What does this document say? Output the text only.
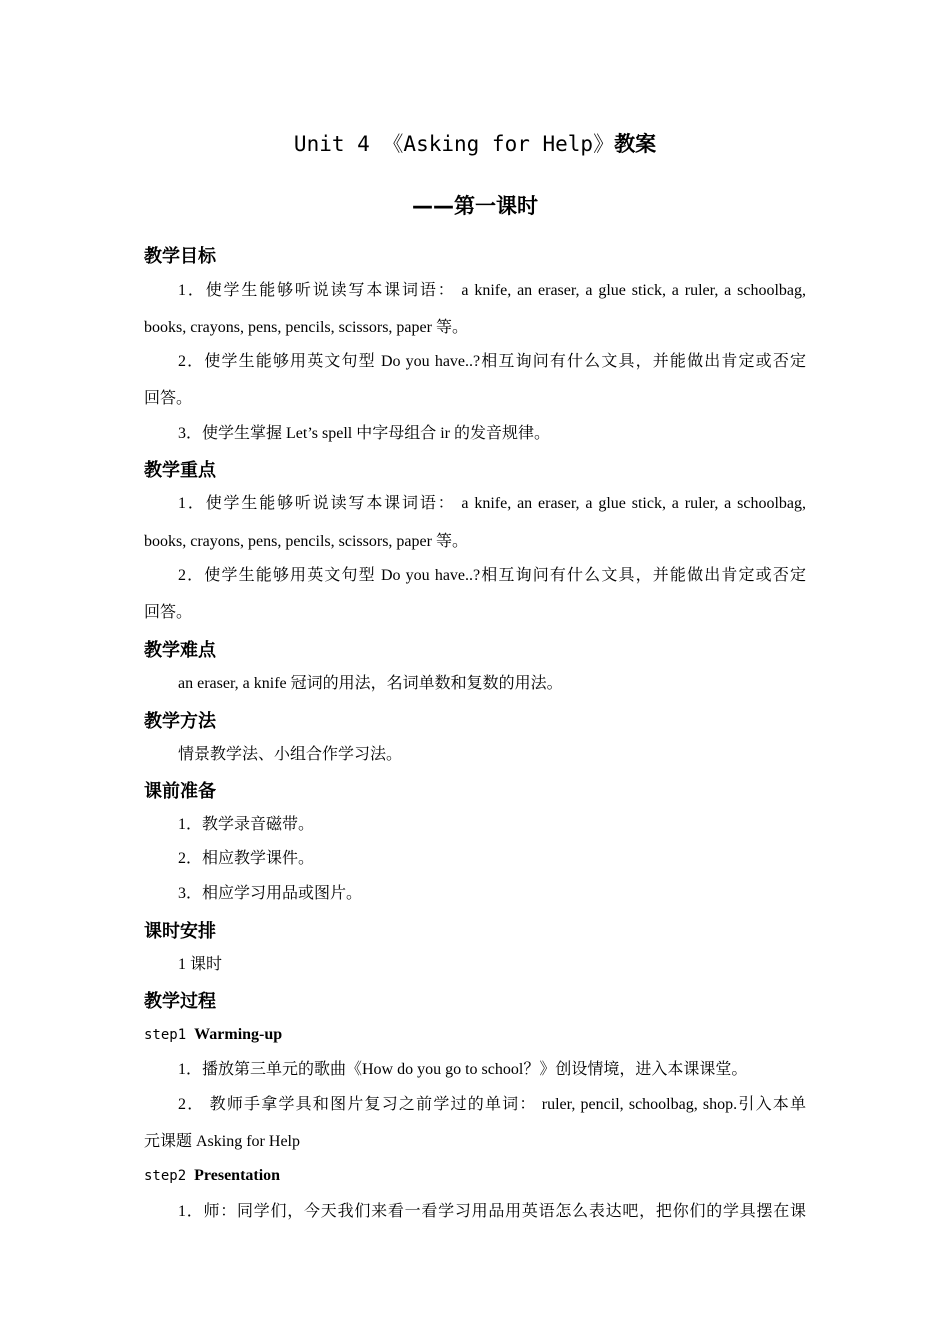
Unit 4 《Asking for Help》教案
——第一课时
教学目标
1．使学生能够听说读写本课词语： a knife, an eraser, a glue stick, a ruler, a schoolbag,
books, crayons, pens, pencils, scissors, paper 等。
2．使学生能够用英文句型 Do you have..?相互询问有什么文具，并能做出肯定或否定
回答。
3．使学生掌握 Let’s spell 中字母组合 ir 的发音规律。
教学重点
1．使学生能够听说读写本课词语： a knife, an eraser, a glue stick, a ruler, a schoolbag,
books, crayons, pens, pencils, scissors, paper 等。
2．使学生能够用英文句型 Do you have..?相互询问有什么文具，并能做出肯定或否定
回答。
教学难点
an eraser, a knife 冠词的用法，名词单数和复数的用法。
教学方法
情景教学法、小组合作学习法。
课前准备
1．教学录音磁带。
2．相应教学课件。
3．相应学习用品或图片。
课时安排
1 课时
教学过程
step1 Warming-up
1．播放第三单元的歌曲《How do you go to school？》创设情境，进入本课课堂。
2． 教师手拿学具和图片复习之前学过的单词： ruler, pencil, schoolbag, shop.引入本单
元课题 Asking for Help
step2 Presentation
1．师：同学们，今天我们来看一看学习用品用英语怎么表达吧，把你们的学具摆在课
